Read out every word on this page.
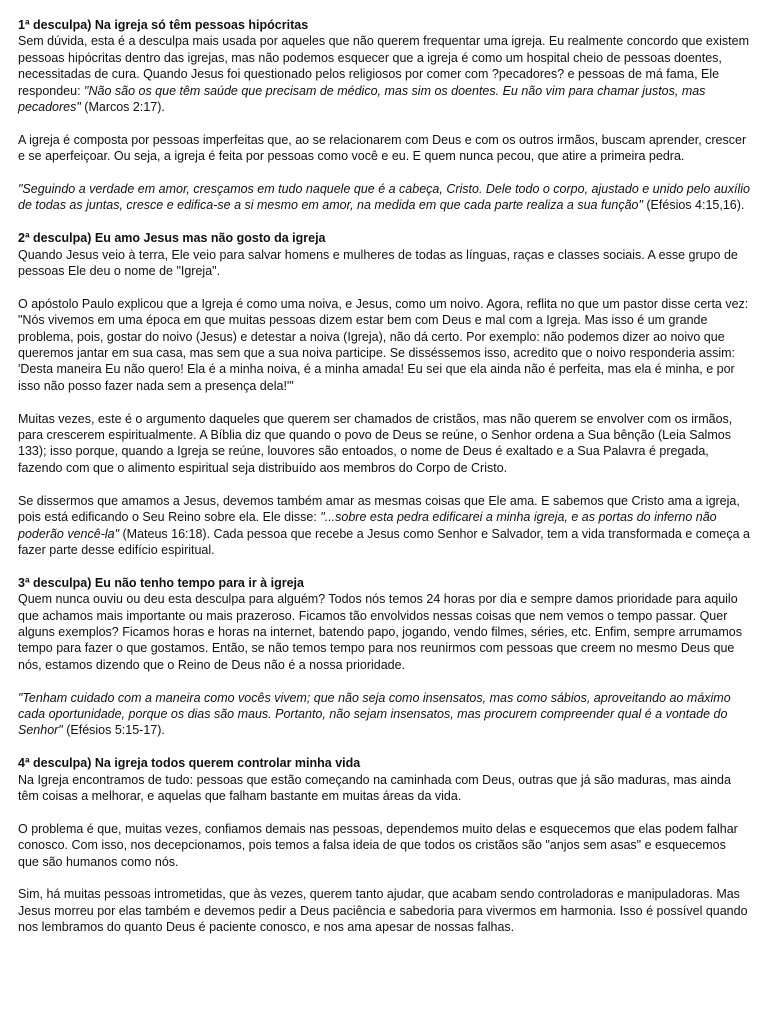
1ª desculpa) Na igreja só têm pessoas hipócritas

Sem dúvida, esta é a desculpa mais usada por aqueles que não querem frequentar uma igreja. Eu realmente concordo que existem pessoas hipócritas dentro das igrejas, mas não podemos esquecer que a igreja é como um hospital cheio de pessoas doentes, necessitadas de cura. Quando Jesus foi questionado pelos religiosos por comer com ?pecadores? e pessoas de má fama, Ele respondeu: "Não são os que têm saúde que precisam de médico, mas sim os doentes. Eu não vim para chamar justos, mas pecadores" (Marcos 2:17).

A igreja é composta por pessoas imperfeitas que, ao se relacionarem com Deus e com os outros irmãos, buscam aprender, crescer e se aperfeiçoar. Ou seja, a igreja é feita por pessoas como você e eu. E quem nunca pecou, que atire a primeira pedra.

"Seguindo a verdade em amor, cresçamos em tudo naquele que é a cabeça, Cristo. Dele todo o corpo, ajustado e unido pelo auxílio de todas as juntas, cresce e edifica-se a si mesmo em amor, na medida em que cada parte realiza a sua função" (Efésios 4:15,16).

2ª desculpa) Eu amo Jesus mas não gosto da igreja

Quando Jesus veio à terra, Ele veio para salvar homens e mulheres de todas as línguas, raças e classes sociais. A esse grupo de pessoas Ele deu o nome de "Igreja".

O apóstolo Paulo explicou que a Igreja é como uma noiva, e Jesus, como um noivo. Agora, reflita no que um pastor disse certa vez: "Nós vivemos em uma época em que muitas pessoas dizem estar bem com Deus e mal com a Igreja. Mas isso é um grande problema, pois, gostar do noivo (Jesus) e detestar a noiva (Igreja), não dá certo. Por exemplo: não podemos dizer ao noivo que queremos jantar em sua casa, mas sem que a sua noiva participe. Se disséssemos isso, acredito que o noivo responderia assim: 'Desta maneira Eu não quero! Ela é a minha noiva, é a minha amada! Eu sei que ela ainda não é perfeita, mas ela é minha, e por isso não posso fazer nada sem a presença dela!'"

Muitas vezes, este é o argumento daqueles que querem ser chamados de cristãos, mas não querem se envolver com os irmãos, para crescerem espiritualmente. A Bíblia diz que quando o povo de Deus se reúne, o Senhor ordena a Sua bênção (Leia Salmos 133); isso porque, quando a Igreja se reúne, louvores são entoados, o nome de Deus é exaltado e a Sua Palavra é pregada, fazendo com que o alimento espiritual seja distribuído aos membros do Corpo de Cristo.

Se dissermos que amamos a Jesus, devemos também amar as mesmas coisas que Ele ama. E sabemos que Cristo ama a igreja, pois está edificando o Seu Reino sobre ela. Ele disse: "...sobre esta pedra edificarei a minha igreja, e as portas do inferno não poderão vencê-la" (Mateus 16:18). Cada pessoa que recebe a Jesus como Senhor e Salvador, tem a vida transformada e começa a fazer parte desse edifício espiritual.

3ª desculpa) Eu não tenho tempo para ir à igreja

Quem nunca ouviu ou deu esta desculpa para alguém? Todos nós temos 24 horas por dia e sempre damos prioridade para aquilo que achamos mais importante ou mais prazeroso. Ficamos tão envolvidos nessas coisas que nem vemos o tempo passar. Quer alguns exemplos? Ficamos horas e horas na internet, batendo papo, jogando, vendo filmes, séries, etc. Enfim, sempre arrumamos tempo para fazer o que gostamos. Então, se não temos tempo para nos reunirmos com pessoas que creem no mesmo Deus que nós, estamos dizendo que o Reino de Deus não é a nossa prioridade.

"Tenham cuidado com a maneira como vocês vivem; que não seja como insensatos, mas como sábios, aproveitando ao máximo cada oportunidade, porque os dias são maus. Portanto, não sejam insensatos, mas procurem compreender qual é a vontade do Senhor" (Efésios 5:15-17).

4ª desculpa) Na igreja todos querem controlar minha vida

Na Igreja encontramos de tudo: pessoas que estão começando na caminhada com Deus, outras que já são maduras, mas ainda têm coisas a melhorar, e aquelas que falham bastante em muitas áreas da vida.

O problema é que, muitas vezes, confiamos demais nas pessoas, dependemos muito delas e esquecemos que elas podem falhar conosco. Com isso, nos decepcionamos, pois temos a falsa ideia de que todos os cristãos são "anjos sem asas" e esquecemos que são humanos como nós.

Sim, há muitas pessoas intrometidas, que às vezes, querem tanto ajudar, que acabam sendo controladoras e manipuladoras. Mas Jesus morreu por elas também e devemos pedir a Deus paciência e sabedoria para vivermos em harmonia. Isso é possível quando nos lembramos do quanto Deus é paciente conosco, e nos ama apesar de nossas falhas.
